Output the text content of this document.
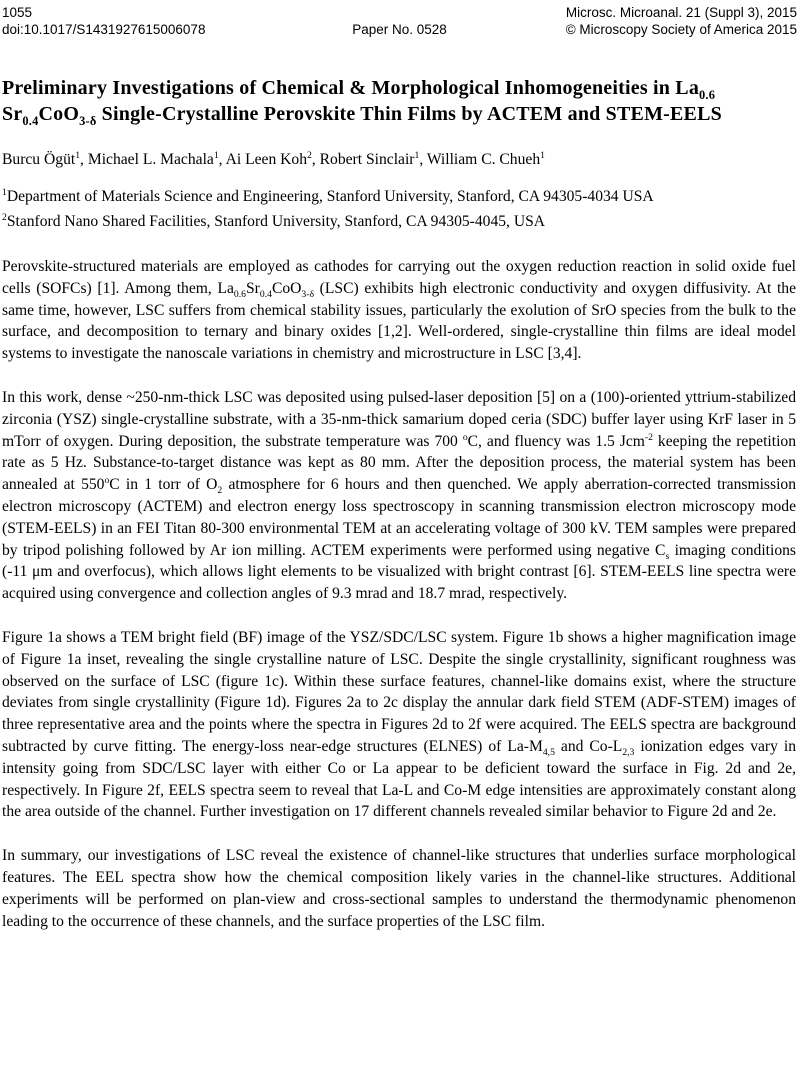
1055
doi:10.1017/S1431927615006078	Paper No. 0528
Microsc. Microanal. 21 (Suppl 3), 2015
© Microscopy Society of America 2015
Preliminary Investigations of Chemical & Morphological Inhomogeneities in $La_{0.6}$
$Sr_{0.4}CoO_{3-\delta}$ Single-Crystalline Perovskite Thin Films by ACTEM and STEM-EELS

Burcu Ögüt$^1$, Michael L. Machala$^1$, Ai Leen Koh$^2$, Robert Sinclair$^1$, William C. Chueh$^1$

$^1$Department of Materials Science and Engineering, Stanford University, Stanford, CA 94305-4034 USA

$^2$Stanford Nano Shared Facilities, Stanford University, Stanford, CA 94305-4045, USA

Perovskite-structured materials are employed as cathodes for carrying out the oxygen reduction reaction in solid oxide fuel cells (SOFCs) [1]. Among them, $La_{0.6}Sr_{0.4}CoO_{3-\delta}$ (LSC) exhibits high electronic conductivity and oxygen diffusivity. At the same time, however, LSC suffers from chemical stability issues, particularly the exolution of SrO species from the bulk to the surface, and decomposition to ternary and binary oxides [1,2]. Well-ordered, single-crystalline thin films are ideal model systems to investigate the nanoscale variations in chemistry and microstructure in LSC [3,4].

In this work, dense ~250-nm-thick LSC was deposited using pulsed-laser deposition [5] on a (100)-oriented yttrium-stabilized zirconia (YSZ) single-crystalline substrate, with a 35-nm-thick samarium doped ceria (SDC) buffer layer using KrF laser in 5 mTorr of oxygen. During deposition, the substrate temperature was 700 $^o$C, and fluency was 1.5 Jcm$^{-2}$ keeping the repetition rate as 5 Hz. Substance-to-target distance was kept as 80 mm. After the deposition process, the material system has been annealed at 550$^o$C in 1 torr of $O_2$ atmosphere for 6 hours and then quenched. We apply aberration-corrected transmission electron microscopy (ACTEM) and electron energy loss spectroscopy in scanning transmission electron microscopy mode (STEM-EELS) in an FEI Titan 80-300 environmental TEM at an accelerating voltage of 300 kV. TEM samples were prepared by tripod polishing followed by Ar ion milling. ACTEM experiments were performed using negative $C_s$ imaging conditions (-11 μm and overfocus), which allows light elements to be visualized with bright contrast [6]. STEM-EELS line spectra were acquired using convergence and collection angles of 9.3 mrad and 18.7 mrad, respectively.

Figure 1a shows a TEM bright field (BF) image of the YSZ/SDC/LSC system. Figure 1b shows a higher magnification image of Figure 1a inset, revealing the single crystalline nature of LSC. Despite the single crystallinity, significant roughness was observed on the surface of LSC (figure 1c). Within these surface features, channel-like domains exist, where the structure deviates from single crystallinity (Figure 1d). Figures 2a to 2c display the annular dark field STEM (ADF-STEM) images of three representative area and the points where the spectra in Figures 2d to 2f were acquired. The EELS spectra are background subtracted by curve fitting. The energy-loss near-edge structures (ELNES) of $La-M_{4,5}$ and $Co-L_{2,3}$ ionization edges vary in intensity going from SDC/LSC layer with either Co or La appear to be deficient toward the surface in Fig. 2d and 2e, respectively. In Figure 2f, EELS spectra seem to reveal that La-L and Co-M edge intensities are approximately constant along the area outside of the channel. Further investigation on 17 different channels revealed similar behavior to Figure 2d and 2e.

In summary, our investigations of LSC reveal the existence of channel-like structures that underlies surface morphological features. The EEL spectra show how the chemical composition likely varies in the channel-like structures. Additional experiments will be performed on plan-view and cross-sectional samples to understand the thermodynamic phenomenon leading to the occurrence of these channels, and the surface properties of the LSC film.
